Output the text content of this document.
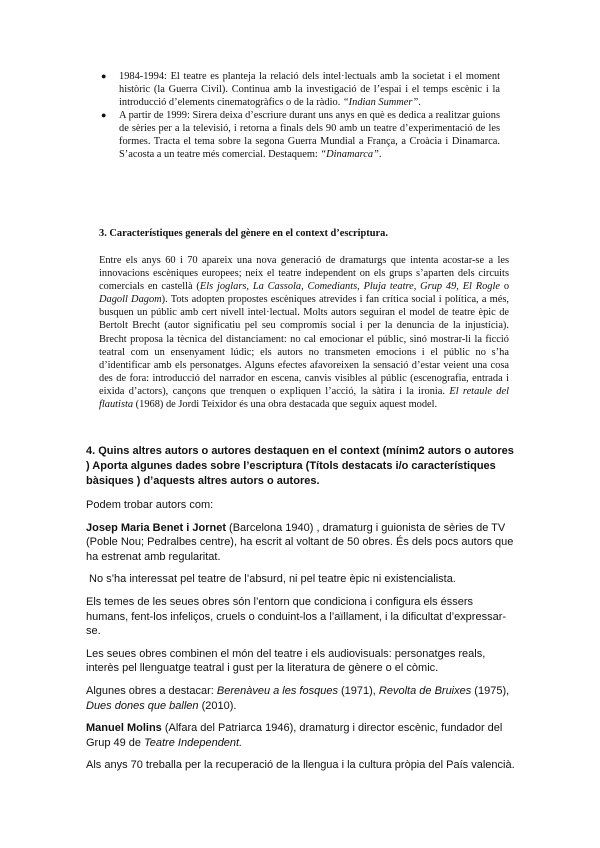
● 1984-1994: El teatre es planteja la relació dels intel·lectuals amb la societat i el moment històric (la Guerra Civil). Continua amb la investigació de l’espai i el temps escènic i la introducció d’elements cinematogràfics o de la ràdio. “Indian Summer”.
● A partir de 1999: Sirera deixa d’escriure durant uns anys en què es dedica a realitzar guions de sèries per a la televisió, i retorna a finals dels 90 amb un teatre d’experimentació de les formes. Tracta el tema sobre la segona Guerra Mundial a França, a Croàcia i Dinamarca. S’acosta a un teatre més comercial. Destaquem: “Dinamarca”.
3. Característiques generals del gènere en el context d’escriptura.

Entre els anys 60 i 70 apareix una nova generació de dramaturgs que intenta acostar-se a les innovacions escèniques europees; neix el teatre independent on els grups s’aparten dels circuits comercials en castellà (Els joglars, La Cassola, Comediants, Pluja teatre, Grup 49, El Rogle o Dagoll Dagom). Tots adopten propostes escèniques atrevides i fan crítica social i política, a més, busquen un públic amb cert nivell intel·lectual. Molts autors seguiran el model de teatre èpic de Bertolt Brecht (autor significatiu pel seu compromís social i per la denuncia de la injustícia). Brecht proposa la tècnica del distanciament: no cal emocionar el públic, sinó mostrar-li la ficció teatral com un ensenyament lúdic; els autors no transmeten emocions i el públic no s’ha d’identificar amb els personatges. Alguns efectes afavoreixen la sensació d’estar veient una cosa des de fora: introducció del narrador en escena, canvis visibles al públic (escenografia, entrada i eixida d’actors), cançons que trenquen o expliquen l’acció, la sàtira i la ironia. El retaule del flautista (1968) de Jordi Teixidor és una obra destacada que seguix aquest model.

4. Quins altres autors o autores destaquen en el context (mínim2 autors o autores ) Aporta algunes dades sobre l’escriptura (Títols destacats i/o característiques bàsiques ) d’aquests altres autors o autores.

Podem trobar autors com:

Josep Maria Benet i Jornet (Barcelona 1940) , dramaturg i guionista de sèries de TV (Poble Nou; Pedralbes centre), ha escrit al voltant de 50 obres. És dels pocs autors que ha estrenat amb regularitat.

No s’ha interessat pel teatre de l’absurd, ni pel teatre èpic ni existencialista.

Els temes de les seues obres són l’entorn que condiciona i configura els éssers humans, fent-los infeliços, cruels o conduint-los a l’aïllament, i la dificultat d’expressar-se.

Les seues obres combinen el món del teatre i els audiovisuals: personatges reals, interès pel llenguatge teatral i gust per la literatura de gènere o el còmic.

Algunes obres a destacar: Berenàveu a les fosques (1971), Revolta de Bruixes (1975), Dues dones que ballen (2010).

Manuel Molins (Alfara del Patriarca 1946), dramaturg i director escènic, fundador del Grup 49 de Teatre Independent.

Als anys 70 treballa per la recuperació de la llengua i la cultura pròpia del País valencià.
